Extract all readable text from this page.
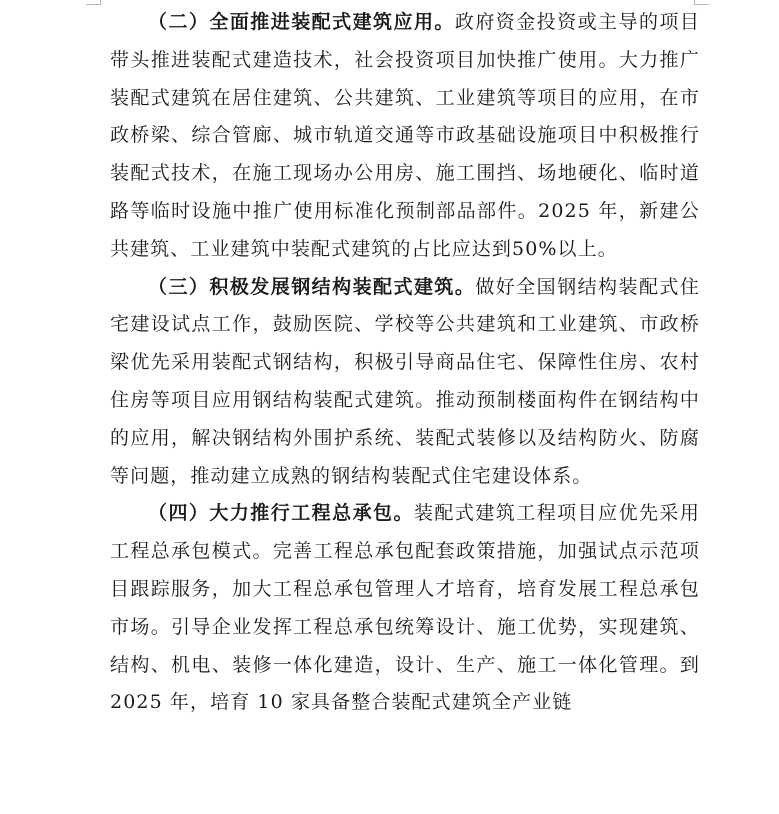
（二）全面推进装配式建筑应用。政府资金投资或主导的项目带头推进装配式建造技术，社会投资项目加快推广使用。大力推广装配式建筑在居住建筑、公共建筑、工业建筑等项目的应用，在市政桥梁、综合管廊、城市轨道交通等市政基础设施项目中积极推行装配式技术，在施工现场办公用房、施工围挡、场地硬化、临时道路等临时设施中推广使用标准化预制部品部件。2025 年，新建公共建筑、工业建筑中装配式建筑的占比应达到50%以上。

（三）积极发展钢结构装配式建筑。做好全国钢结构装配式住宅建设试点工作，鼓励医院、学校等公共建筑和工业建筑、市政桥梁优先采用装配式钢结构，积极引导商品住宅、保障性住房、农村住房等项目应用钢结构装配式建筑。推动预制楼面构件在钢结构中的应用，解决钢结构外围护系统、装配式装修以及结构防火、防腐等问题，推动建立成熟的钢结构装配式住宅建设体系。

（四）大力推行工程总承包。装配式建筑工程项目应优先采用工程总承包模式。完善工程总承包配套政策措施，加强试点示范项目跟踪服务，加大工程总承包管理人才培育，培育发展工程总承包市场。引导企业发挥工程总承包统筹设计、施工优势，实现建筑、结构、机电、装修一体化建造，设计、生产、施工一体化管理。到 2025 年，培育 10 家具备整合装配式建筑全产业链
